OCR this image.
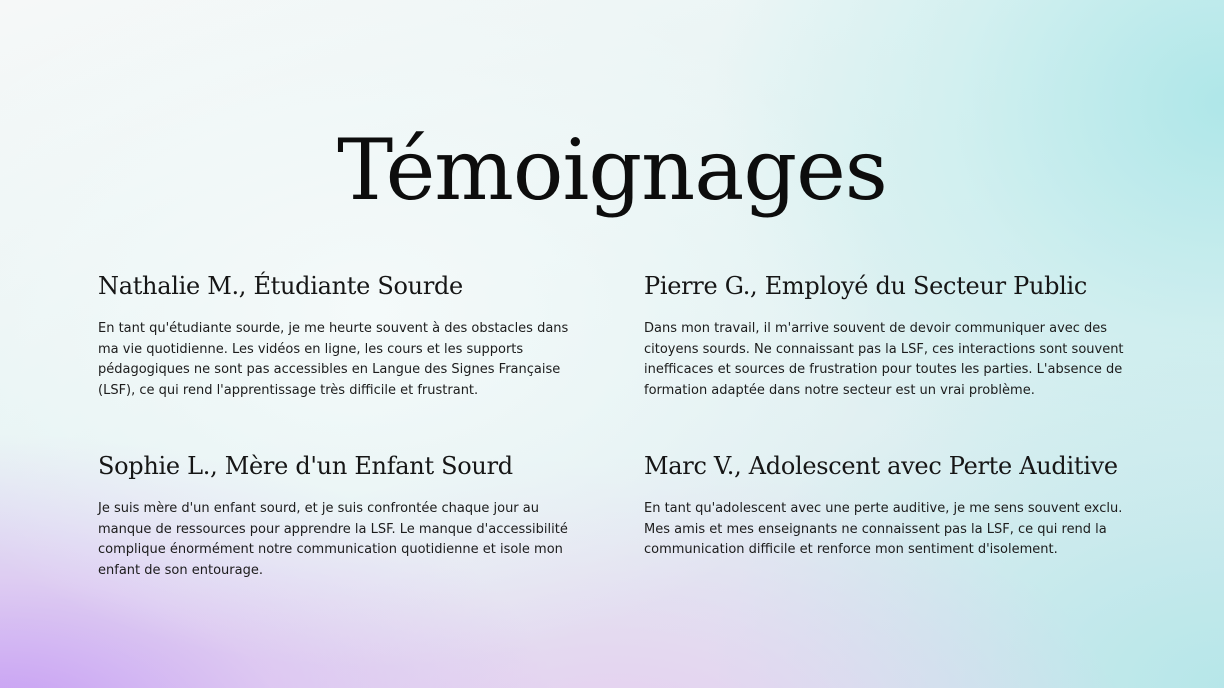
Témoignages
Nathalie M., Étudiante Sourde

En tant qu'étudiante sourde, je me heurte souvent à des obstacles dans ma vie quotidienne. Les vidéos en ligne, les cours et les supports pédagogiques ne sont pas accessibles en Langue des Signes Française (LSF), ce qui rend l'apprentissage très difficile et frustrant.

Pierre G., Employé du Secteur Public

Dans mon travail, il m'arrive souvent de devoir communiquer avec des citoyens sourds. Ne connaissant pas la LSF, ces interactions sont souvent inefficaces et sources de frustration pour toutes les parties. L'absence de formation adaptée dans notre secteur est un vrai problème.

Sophie L., Mère d'un Enfant Sourd

Je suis mère d'un enfant sourd, et je suis confrontée chaque jour au manque de ressources pour apprendre la LSF. Le manque d'accessibilité complique énormément notre communication quotidienne et isole mon enfant de son entourage.

Marc V., Adolescent avec Perte Auditive

En tant qu'adolescent avec une perte auditive, je me sens souvent exclu. Mes amis et mes enseignants ne connaissent pas la LSF, ce qui rend la communication difficile et renforce mon sentiment d'isolement.
